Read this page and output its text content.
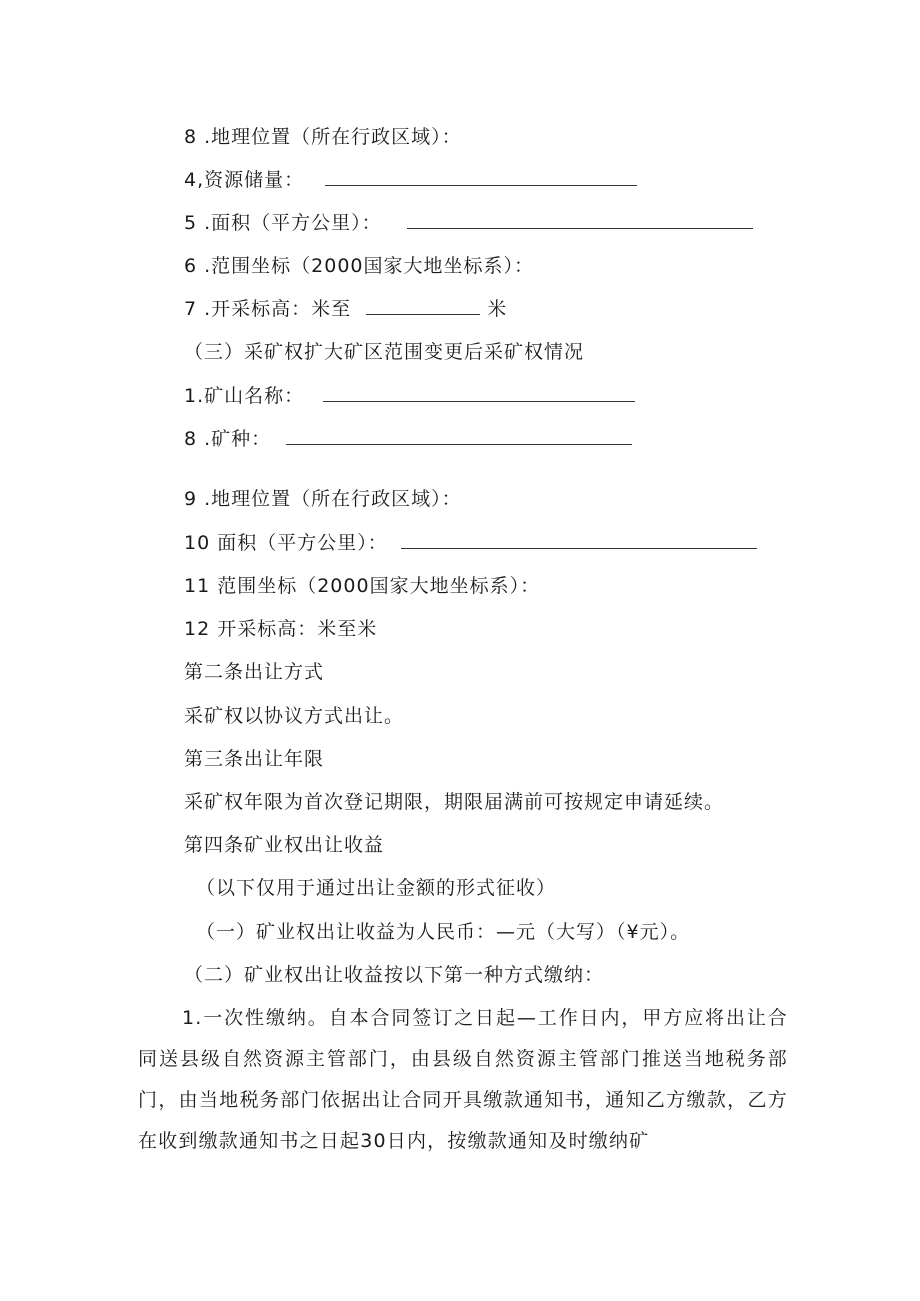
8 .地理位置（所在行政区域）：
4,资源储量：
5 .面积（平方公里）：
6 .范围坐标（2000国家大地坐标系）：
7 .开采标高：米至	米
（三）采矿权扩大矿区范围变更后采矿权情况
1.矿山名称：
8 .矿种：
9 .地理位置（所在行政区域）：
10 面积（平方公里）：
11 范围坐标（2000国家大地坐标系）：
12 开采标高：米至米
第二条出让方式
采矿权以协议方式出让。
第三条出让年限
采矿权年限为首次登记期限，期限届满前可按规定申请延续。
第四条矿业权出让收益
（以下仅用于通过出让金额的形式征收）
（一）矿业权出让收益为人民币：—元（大写）（¥元）。
（二）矿业权出让收益按以下第一种方式缴纳：
1.一次性缴纳。自本合同签订之日起—工作日内，甲方应将出让合同送县级自然资源主管部门，由县级自然资源主管部门推送当地税务部门，由当地税务部门依据出让合同开具缴款通知书，通知乙方缴款，乙方在收到缴款通知书之日起30日内，按缴款通知及时缴纳矿
